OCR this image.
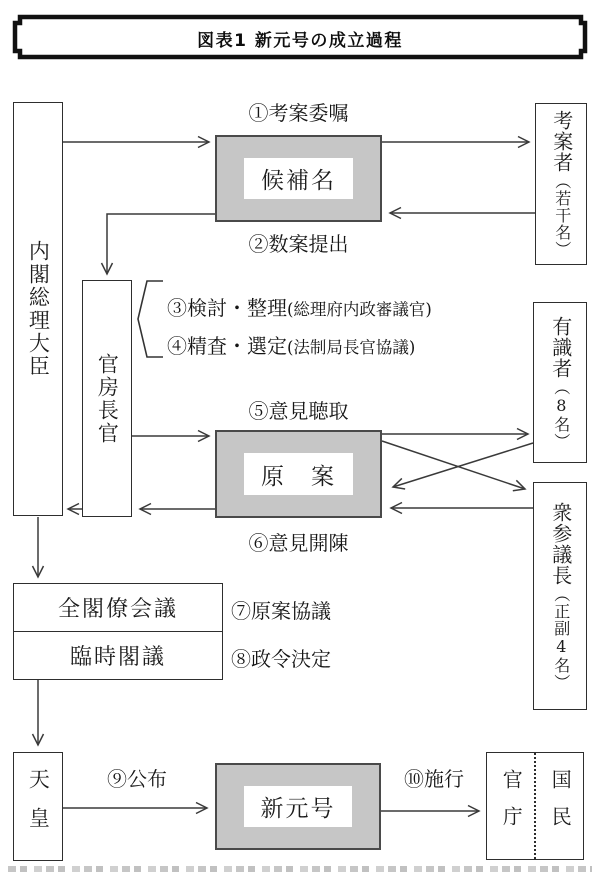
図表1 新元号の成立過程
内閣総理大臣
官房長官
候補名
考案者（若干名）
原　案
有識者（8名）
衆参議長（正副4名）
全閣僚会議
臨時閣議
天皇	新元号	官庁 国民
①考案委嘱
②数案提出
③検討・整理(総理府内政審議官)
④精査・選定(法制局長官協議)
⑤意見聴取
⑥意見開陳
⑦原案協議
⑧政令決定
⑨公布	⑩施行
